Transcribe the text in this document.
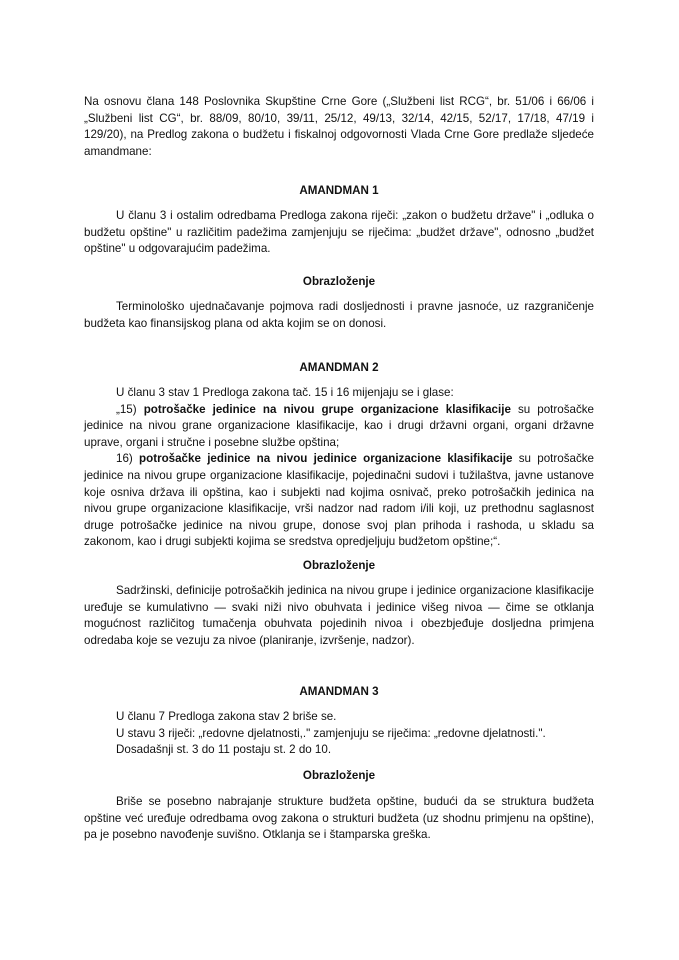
Na osnovu člana 148 Poslovnika Skupštine Crne Gore („Službeni list RCG“, br. 51/06 i 66/06 i „Službeni list CG“, br. 88/09, 80/10, 39/11, 25/12, 49/13, 32/14, 42/15, 52/17, 17/18, 47/19 i 129/20), na Predlog zakona o budžetu i fiskalnoj odgovornosti Vlada Crne Gore predlaže sljedeće amandmane:

AMANDMAN 1

U članu 3 i ostalim odredbama Predloga zakona riječi: „zakon o budžetu države" i „odluka o budžetu opštine" u različitim padežima zamjenjuju se riječima: „budžet države", odnosno „budžet opštine" u odgovarajućim padežima.

Obrazloženje

Terminološko ujednačavanje pojmova radi dosljednosti i pravne jasnoće, uz razgraničenje budžeta kao finansijskog plana od akta kojim se on donosi.

AMANDMAN 2

U članu 3 stav 1 Predloga zakona tač. 15 i 16 mijenjaju se i glase:

„15) potrošačke jedinice na nivou grupe organizacione klasifikacije su potrošačke jedinice na nivou grane organizacione klasifikacije, kao i drugi državni organi, organi državne uprave, organi i stručne i posebne službe opština;

16) potrošačke jedinice na nivou jedinice organizacione klasifikacije su potrošačke jedinice na nivou grupe organizacione klasifikacije, pojedinačni sudovi i tužilaštva, javne ustanove koje osniva država ili opština, kao i subjekti nad kojima osnivač, preko potrošačkih jedinica na nivou grupe organizacione klasifikacije, vrši nadzor nad radom i/ili koji, uz prethodnu saglasnost druge potrošačke jedinice na nivou grupe, donose svoj plan prihoda i rashoda, u skladu sa zakonom, kao i drugi subjekti kojima se sredstva opredjeljuju budžetom opštine;“.

Obrazloženje

Sadržinski, definicije potrošačkih jedinica na nivou grupe i jedinice organizacione klasifikacije uređuje se kumulativno — svaki niži nivo obuhvata i jedinice višeg nivoa — čime se otklanja mogućnost različitog tumačenja obuhvata pojedinih nivoa i obezbjeđuje dosljedna primjena odredaba koje se vezuju za nivoe (planiranje, izvršenje, nadzor).

AMANDMAN 3

U članu 7 Predloga zakona stav 2 briše se.

U stavu 3 riječi: „redovne djelatnosti,." zamjenjuju se riječima: „redovne djelatnosti.".

Dosadašnji st. 3 do 11 postaju st. 2 do 10.

Obrazloženje

Briše se posebno nabrajanje strukture budžeta opštine, budući da se struktura budžeta opštine već uređuje odredbama ovog zakona o strukturi budžeta (uz shodnu primjenu na opštine), pa je posebno navođenje suvišno. Otklanja se i štamparska greška.
